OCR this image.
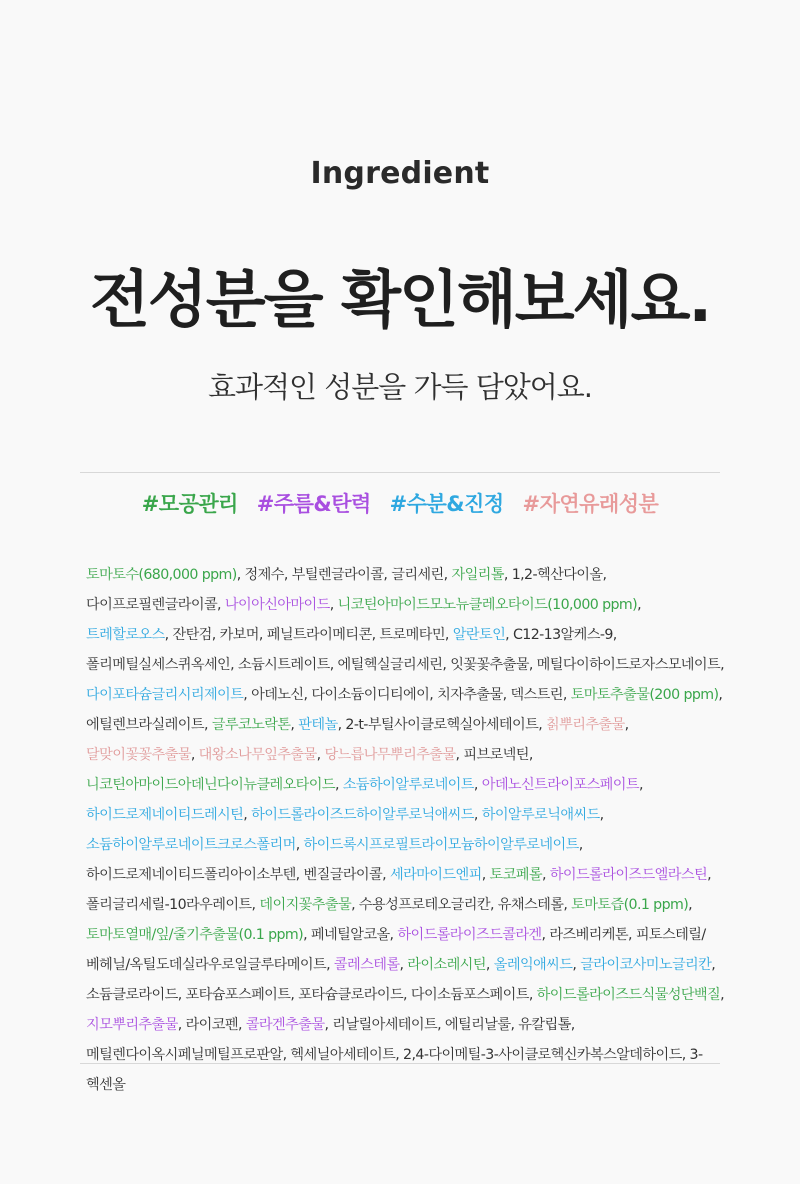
Ingredient
전성분을 확인해보세요.
효과적인 성분을 가득 담았어요.
#모공관리 #주름&탄력 #수분&진정 #자연유래성분
토마토수(680,000 ppm), 정제수, 부틸렌글라이콜, 글리세린, 자일리톨, 1,2-헥산다이올, 다이프로필렌글라이콜, 나이아신아마이드, 니코틴아마이드모노뉴클레오타이드(10,000 ppm), 트레할로오스, 잔탄검, 카보머, 페닐트라이메티콘, 트로메타민, 알란토인, C12-13알케스-9, 폴리메틸실세스퀴옥세인, 소듐시트레이트, 에틸헥실글리세린, 잇꽃꽃추출물, 메틸다이하이드로자스모네이트, 다이포타슘글리시리제이트, 아데노신, 다이소듐이디티에이, 치자추출물, 덱스트린, 토마토추출물(200 ppm), 에틸렌브라실레이트, 글루코노락톤, 판테놀, 2-t-부틸사이클로헥실아세테이트, 칡뿌리추출물, 달맞이꽃꽃추출물, 대왕소나무잎추출물, 당느릅나무뿌리추출물, 피브로넥틴, 니코틴아마이드아데닌다이뉴클레오타이드, 소듐하이알루로네이트, 아데노신트라이포스페이트, 하이드로제네이티드레시틴, 하이드롤라이즈드하이알루로닉애씨드, 하이알루로닉애씨드, 소듐하이알루로네이트크로스폴리머, 하이드록시프로필트라이모늄하이알루로네이트, 하이드로제네이티드폴리아이소부텐, 벤질글라이콜, 세라마이드엔피, 토코페롤, 하이드롤라이즈드엘라스틴, 폴리글리세릴-10라우레이트, 데이지꽃추출물, 수용성프로테오글리칸, 유채스테롤, 토마토즙(0.1 ppm), 토마토열매/잎/줄기추출물(0.1 ppm), 페네틸알코올, 하이드롤라이즈드콜라겐, 라즈베리케톤, 피토스테릴/베헤닐/옥틸도데실라우로일글루타메이트, 콜레스테롤, 라이소레시틴, 올레익애씨드, 글라이코사미노글리칸, 소듐클로라이드, 포타슘포스페이트, 포타슘클로라이드, 다이소듐포스페이트, 하이드롤라이즈드식물성단백질, 지모뿌리추출물, 라이코펜, 콜라겐추출물, 리날릴아세테이트, 에틸리날룰, 유칼립톨, 메틸렌다이옥시페닐메틸프로판알, 헥세닐아세테이트, 2,4-다이메틸-3-사이클로헥신카복스알데하이드, 3-헥센올
